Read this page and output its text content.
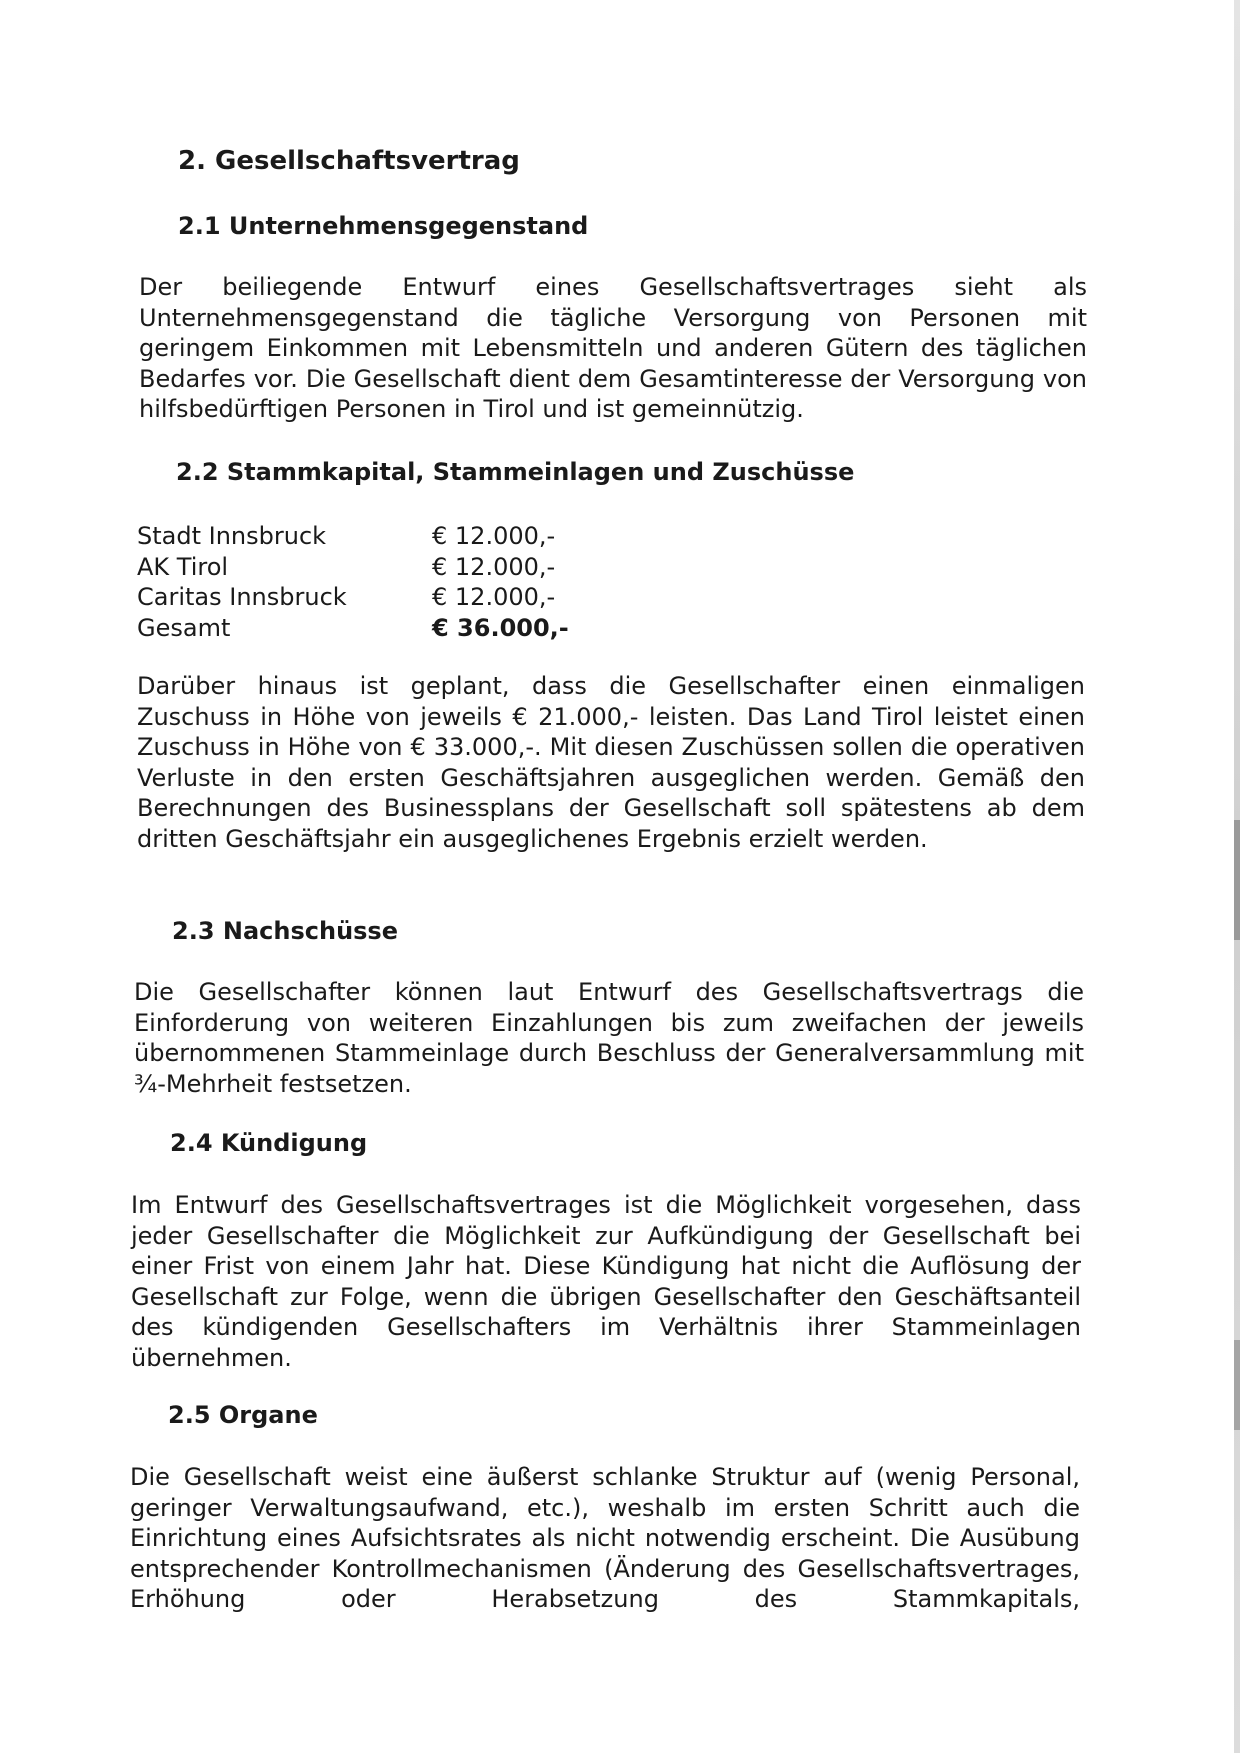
2. Gesellschaftsvertrag
2.1 Unternehmensgegenstand

Der beiliegende Entwurf eines Gesellschaftsvertrages sieht als Unternehmensgegenstand die tägliche Versorgung von Personen mit geringem Einkommen mit Lebensmitteln und anderen Gütern des täglichen Bedarfes vor. Die Gesellschaft dient dem Gesamtinteresse der Versorgung von hilfsbedürftigen Personen in Tirol und ist gemeinnützig.

2.2 Stammkapital, Stammeinlagen und Zuschüsse
Stadt Innsbruck	€ 12.000,-
AK Tirol	€ 12.000,-
Caritas Innsbruck	€ 12.000,-
Gesamt	€ 36.000,-

Darüber hinaus ist geplant, dass die Gesellschafter einen einmaligen Zuschuss in Höhe von jeweils € 21.000,- leisten. Das Land Tirol leistet einen Zuschuss in Höhe von € 33.000,-. Mit diesen Zuschüssen sollen die operativen Verluste in den ersten Geschäftsjahren ausgeglichen werden. Gemäß den Berechnungen des Businessplans der Gesellschaft soll spätestens ab dem dritten Geschäftsjahr ein ausgeglichenes Ergebnis erzielt werden.

2.3 Nachschüsse

Die Gesellschafter können laut Entwurf des Gesellschaftsvertrags die Einforderung von weiteren Einzahlungen bis zum zweifachen der jeweils übernommenen Stammeinlage durch Beschluss der Generalversammlung mit ¾-Mehrheit festsetzen.

2.4 Kündigung

Im Entwurf des Gesellschaftsvertrages ist die Möglichkeit vorgesehen, dass jeder Gesellschafter die Möglichkeit zur Aufkündigung der Gesellschaft bei einer Frist von einem Jahr hat. Diese Kündigung hat nicht die Auflösung der Gesellschaft zur Folge, wenn die übrigen Gesellschafter den Geschäftsanteil des kündigenden Gesellschafters im Verhältnis ihrer Stammeinlagen übernehmen.

2.5 Organe

Die Gesellschaft weist eine äußerst schlanke Struktur auf (wenig Personal, geringer Verwaltungsaufwand, etc.), weshalb im ersten Schritt auch die Einrichtung eines Aufsichtsrates als nicht notwendig erscheint. Die Ausübung entsprechender Kontrollmechanismen (Änderung des Gesellschaftsvertrages, Erhöhung oder Herabsetzung des Stammkapitals,
